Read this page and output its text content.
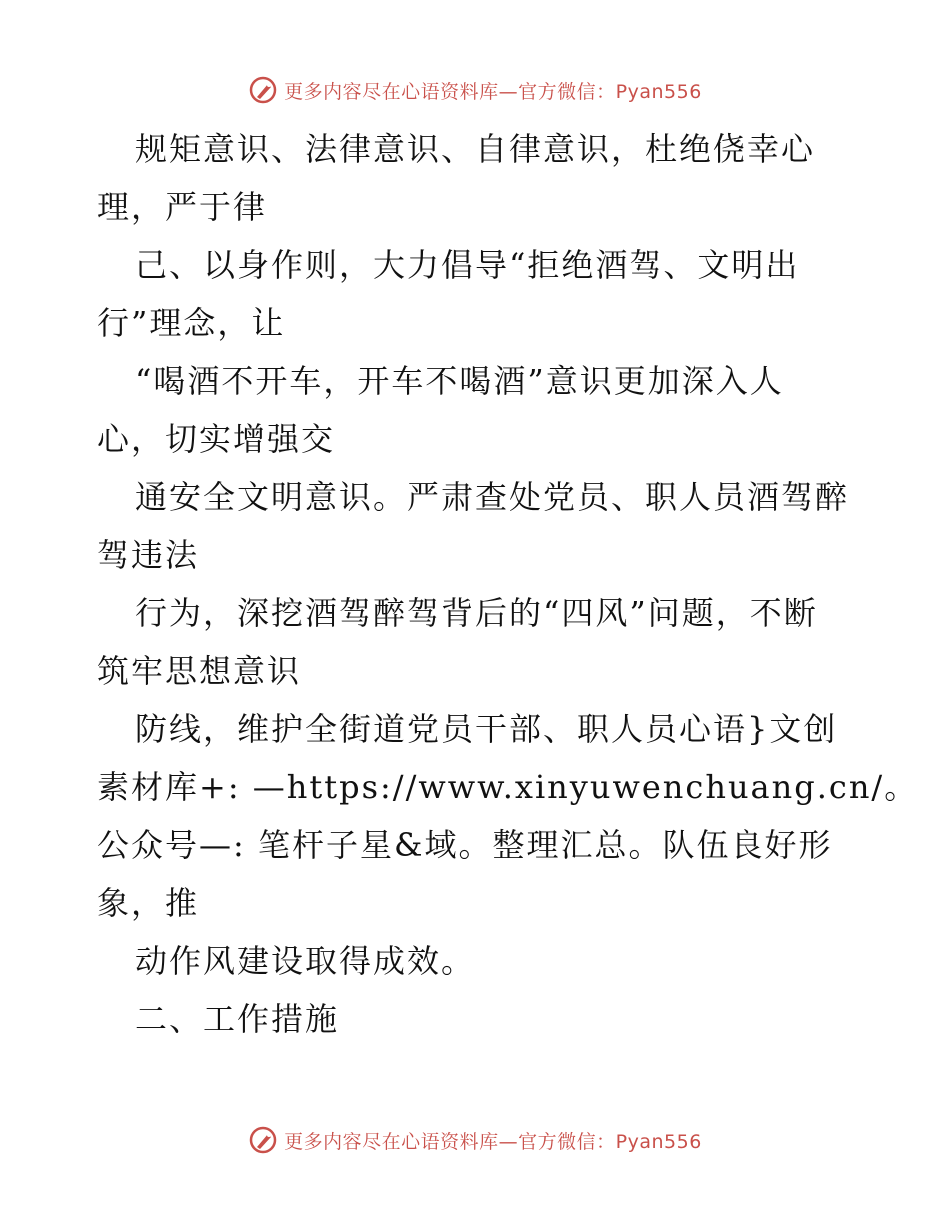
更多内容尽在心语资料库—官方微信：Pyan556
规矩意识、法律意识、自律意识，杜绝侥幸心
理，严于律
己、以身作则，大力倡导“拒绝酒驾、文明出
行”理念，让
“喝酒不开车，开车不喝酒”意识更加深入人
心，切实增强交
通安全文明意识。严肃查处党员、职人员酒驾醉
驾违法
行为，深挖酒驾醉驾背后的“四风”问题，不断
筑牢思想意识
防线，维护全街道党员干部、职人员心语}文创
素材库+: —https://www.xinyuwenchuang.cn/。
公众号—: 笔杆子星&域。整理汇总。队伍良好形
象，推
动作风建设取得成效。
二、工作措施
更多内容尽在心语资料库—官方微信：Pyan556
